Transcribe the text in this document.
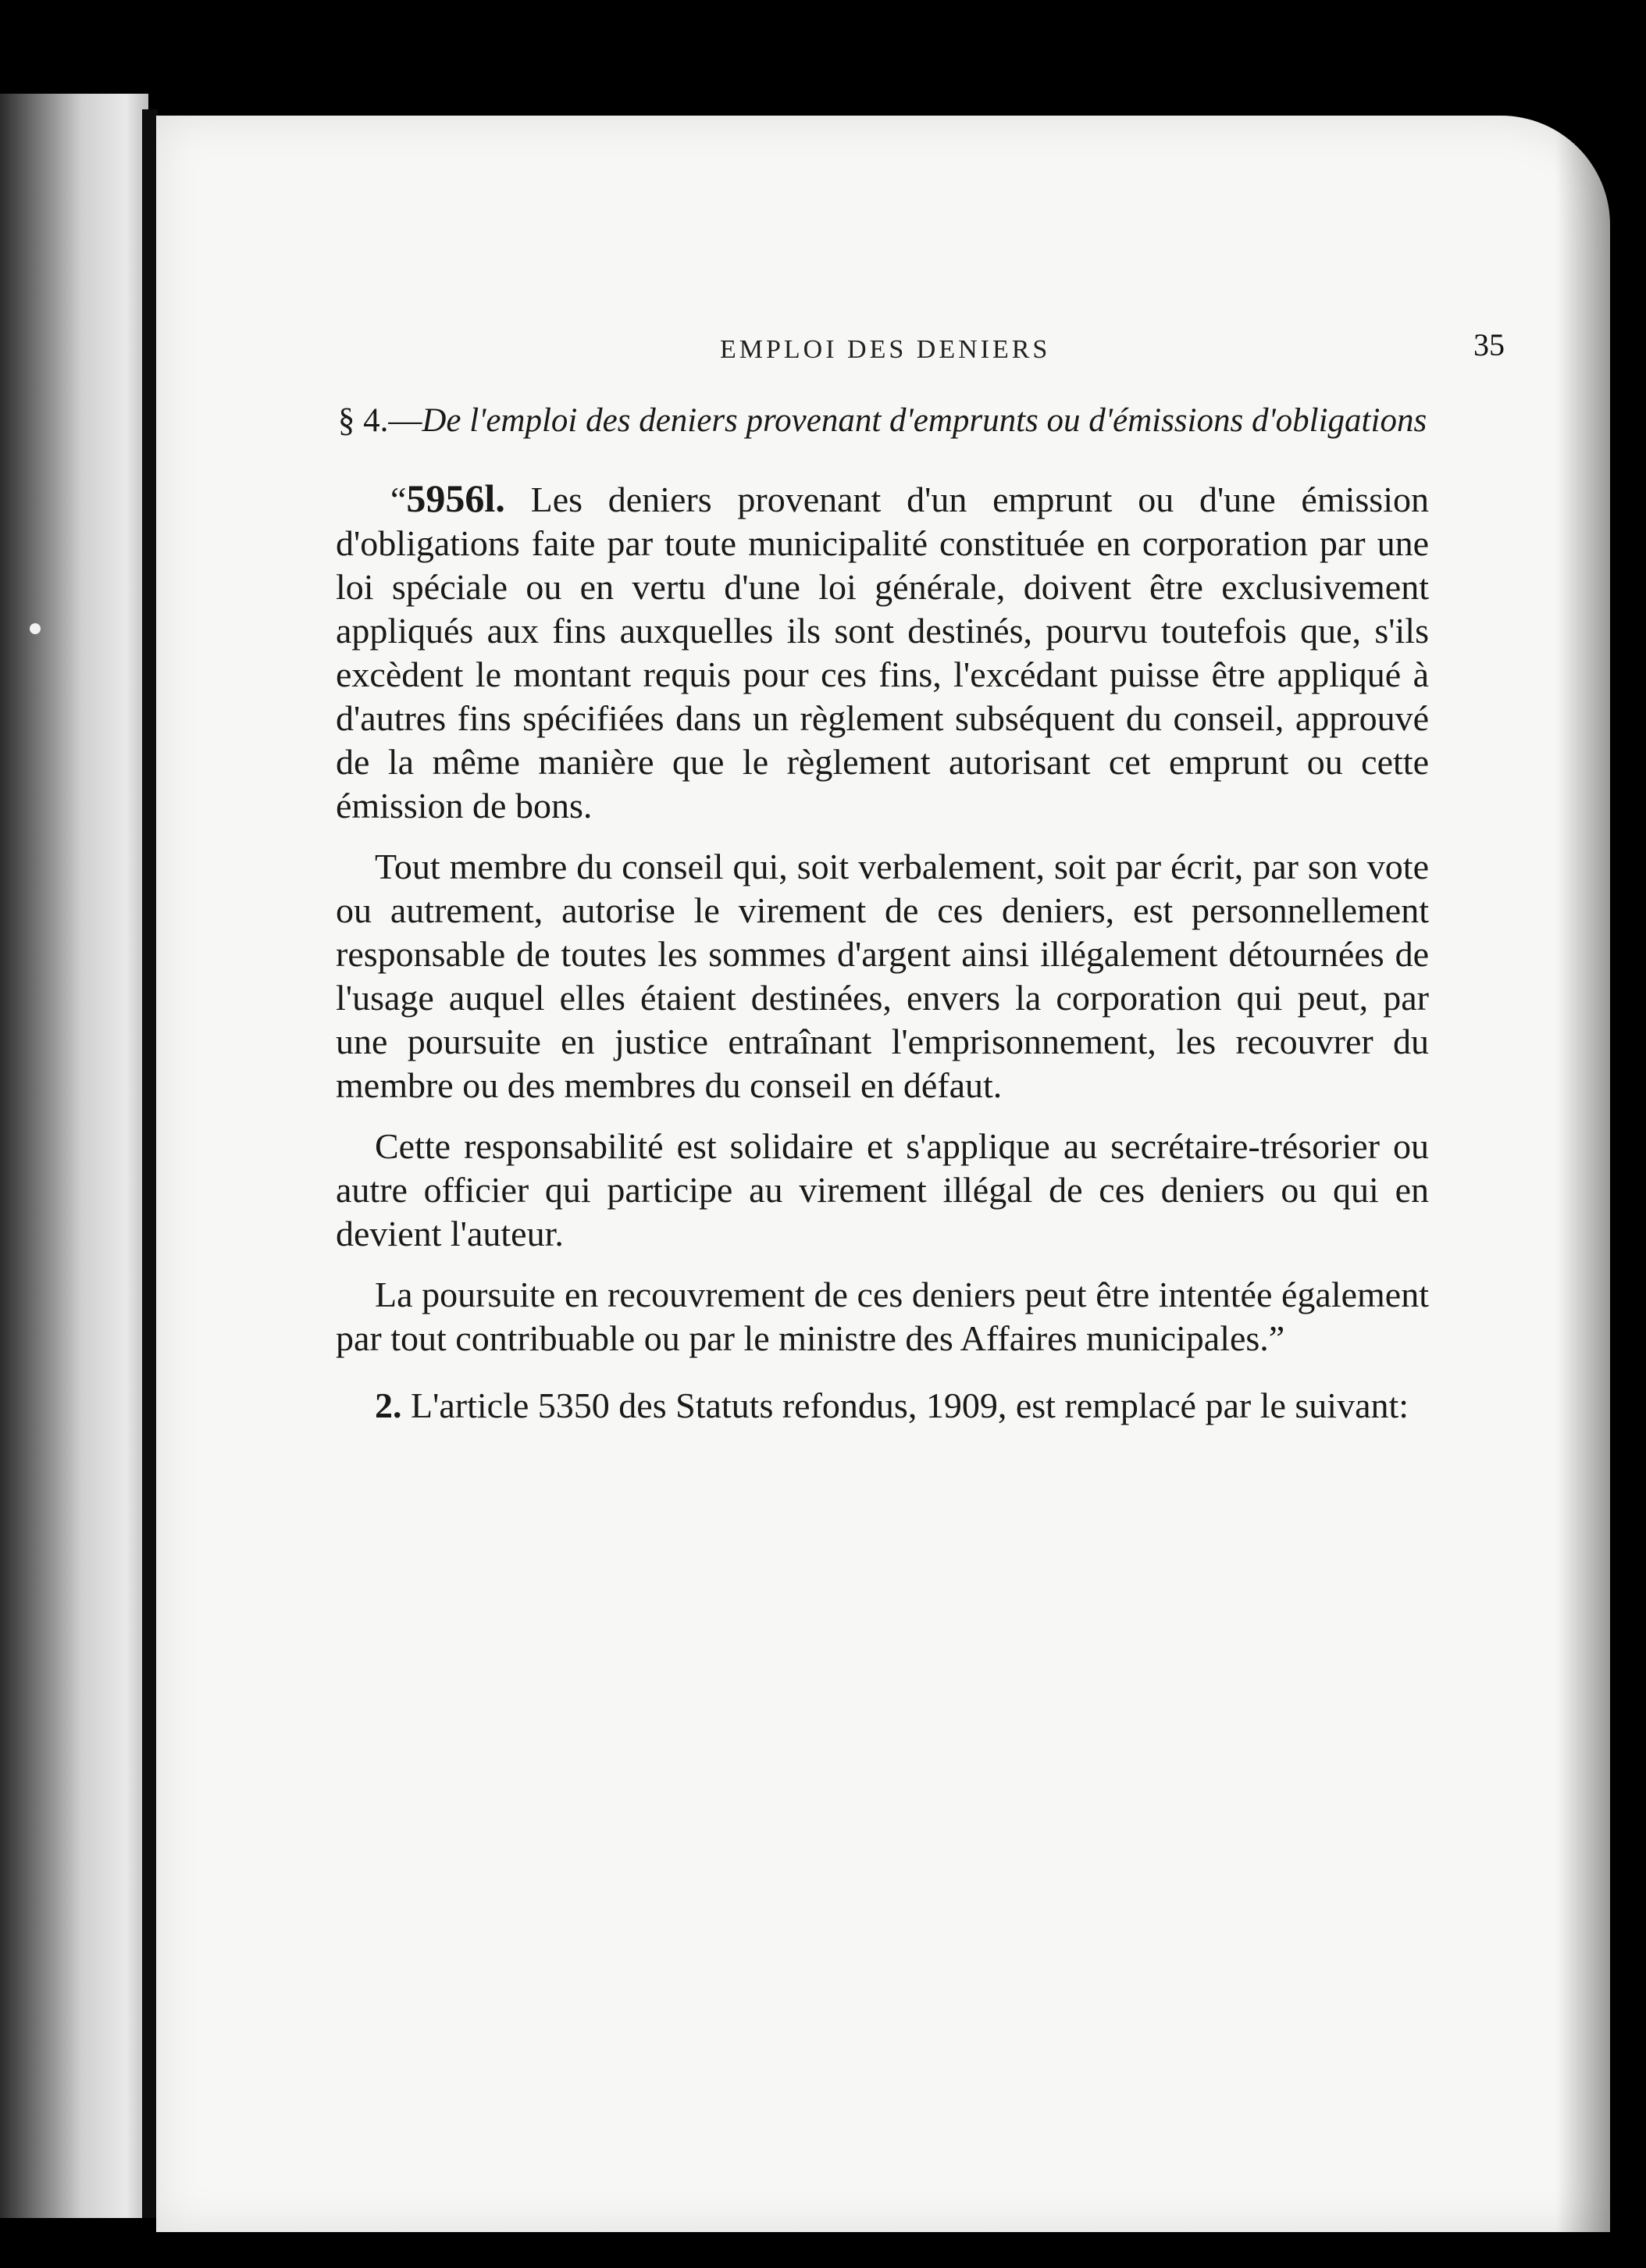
EMPLOI DES DENIERS	35
§ 4.—De l'emploi des deniers provenant d'emprunts ou d'émissions d'obligations

“5956l. Les deniers provenant d'un emprunt ou d'une émission d'obligations faite par toute municipalité constituée en corporation par une loi spéciale ou en vertu d'une loi générale, doivent être exclusivement appliqués aux fins auxquelles ils sont destinés, pourvu toutefois que, s'ils excèdent le montant requis pour ces fins, l'excédant puisse être appliqué à d'autres fins spécifiées dans un règlement subséquent du conseil, approuvé de la même manière que le règlement autorisant cet emprunt ou cette émission de bons.

Tout membre du conseil qui, soit verbalement, soit par écrit, par son vote ou autrement, autorise le virement de ces deniers, est personnellement responsable de toutes les sommes d'argent ainsi illégalement détournées de l'usage auquel elles étaient destinées, envers la corporation qui peut, par une poursuite en justice entraînant l'emprisonnement, les recouvrer du membre ou des membres du conseil en défaut.

Cette responsabilité est solidaire et s'applique au secrétaire-trésorier ou autre officier qui participe au virement illégal de ces deniers ou qui en devient l'auteur.

La poursuite en recouvrement de ces deniers peut être intentée également par tout contribuable ou par le ministre des Affaires municipales.”

2. L'article 5350 des Statuts refondus, 1909, est remplacé par le suivant:
